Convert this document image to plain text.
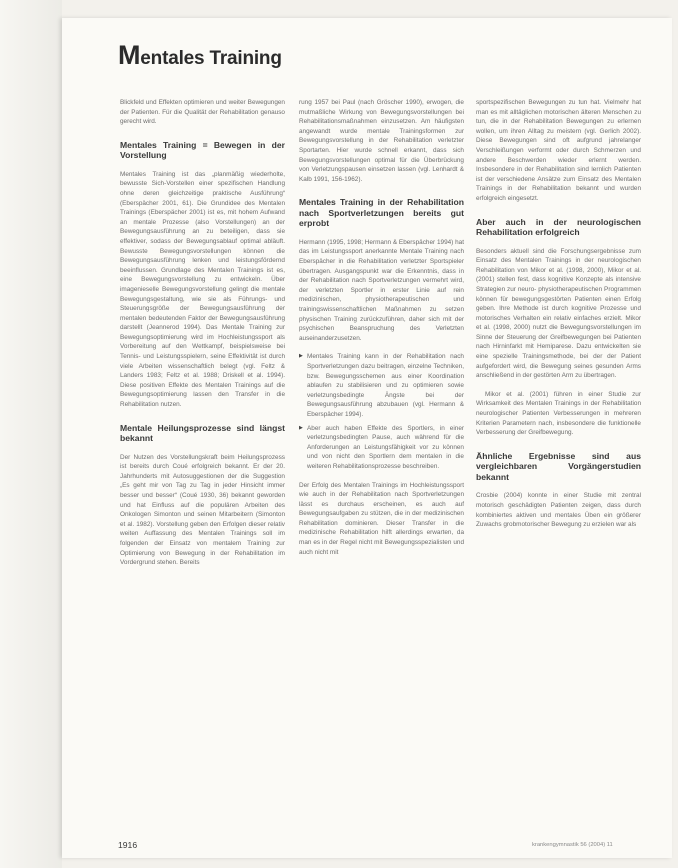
Mentales Training

Blickfeld und Effekten optimieren und weiter Bewegungen der Patienten. Für die Qualität der Rehabilitation genauso gerecht wird.

Mentales Training = Bewegen in der Vorstellung

Mentales Training ist das „planmäßig wiederholte, bewusste Sich-Vorstellen einer spezifischen Handlung ohne deren gleichzeitige praktische Ausführung“ (Eberspächer 2001, 61). Die Grundidee des Mentalen Trainings (Eberspächer 2001) ist es, mit hohem Aufwand an mentale Prozesse (also Vorstellungen) an der Bewegungsausführung an zu beteiligen, dass sie effektiver, sodass der Bewegungsablauf optimal abläuft. Bewusste Bewegungsvorstellungen können die Bewegungsausführung lenken und leistungsfördernd beeinflussen. Grundlage des Mentalen Trainings ist es, eine Bewegungsvorstellung zu entwickeln. Über imagenieselle Bewegungsvorstellung gelingt die mentale Bewegungsgestaltung, wie sie als Führungs- und Steuerungsgröße der Bewegungsausführung der mentalen bedeutenden Faktor der Bewegungsausführung darstellt (Jeannerod 1994). Das Mentale Training zur Bewegungsoptimierung wird im Hochleistungssport als Vorbereitung auf den Wettkampf, beispielsweise bei Tennis- und Leistungsspielern, seine Effektivität ist durch viele Arbeiten wissenschaftlich belegt (vgl. Feltz & Landers 1983; Feltz et al. 1988; Driskell et al. 1994). Diese positiven Effekte des Mentalen Trainings auf die Bewegungsoptimierung lassen den Transfer in die Rehabilitation nutzen.

Mentale Heilungsprozesse sind längst bekannt

Der Nutzen des Vorstellungskraft beim Heilungsprozess ist bereits durch Coué erfolgreich bekannt. Er der 20. Jahrhunderts mit Autosuggestionen der die Suggestion „Es geht mir von Tag zu Tag in jeder Hinsicht immer besser und besser“ (Coué 1930, 36) bekannt geworden und hat Einfluss auf die populären Arbeiten des Onkologen Simonton und seinen Mitarbeitern (Simonton et al. 1982). Vorstellung geben den Erfolgen dieser relativ weiten Auffassung des Mentalen Trainings soll im folgenden der Einsatz von mentalem Training zur Optimierung von Bewegung in der Rehabilitation im Vordergrund stehen. Bereits

rung 1957 bei Paul (nach Gröscher 1990), erwogen, die mutmaßliche Wirkung von Bewegungsvorstellungen bei Rehabilitationsmaßnahmen einzusetzen. Am häufigsten angewandt wurde mentale Trainingsformen zur Bewegungsvorstellung in der Rehabilitation verletzter Sportarten. Hier wurde schnell erkannt, dass sich Bewegungsvorstellungen optimal für die Überbrückung von Verletzungspausen einsetzen lassen (vgl. Lenhardt & Kalb 1991, 156-1962).

Mentales Training in der Rehabilitation nach Sportverletzungen bereits gut erprobt

Hermann (1995, 1998; Hermann & Eberspächer 1994) hat das im Leistungssport anerkannte Mentale Training nach Eberspächer in die Rehabilitation verletzter Sportspieler übertragen. Ausgangspunkt war die Erkenntnis, dass in der Rehabilitation nach Sportverletzungen vermehrt wird, der verletzten Sportler in erster Linie auf rein medizinischen, physiotherapeutischen und trainingswissenschaftlichen Maßnahmen zu setzen physischen Training zurückzuführen, daher sich mit der psychischen Beanspruchung des Verletzten auseinanderzusetzen.

▶ Mentales Training kann in der Rehabilitation nach Sportverletzungen dazu beitragen, einzelne Techniken, bzw. Bewegungsschemen aus einer Koordination ablaufen zu stabilisieren und zu optimieren sowie verletzungsbedingte Ängste bei der Bewegungsausführung abzubauen (vgl. Hermann & Eberspächer 1994).
▶ Aber auch haben Effekte des Sportlers, in einer verletzungsbedingten Pause, auch während für die Anforderungen an Leistungsfähigkeit vor zu können und von nicht den Sportlern dem mentalen in die weiteren Rehabilitationsprozesse beschreiben.

Der Erfolg des Mentalen Trainings im Hochleistungssport wie auch in der Rehabilitation nach Sportverletzungen lässt es durchaus erscheinen, es auch auf Bewegungsaufgaben zu stützen, die in der medizinischen Rehabilitation dominieren. Dieser Transfer in die medizinische Rehabilitation hilft allerdings erwarten, da man es in der Regel nicht mit Bewegungsspezialisten und auch nicht mit

sportspezifischen Bewegungen zu tun hat. Vielmehr hat man es mit alltäglichen motorischen älteren Menschen zu tun, die in der Rehabilitation Bewegungen zu erlernen wollen, um ihren Alltag zu meistern (vgl. Gerlich 2002). Diese Bewegungen sind oft aufgrund jahrelanger Verschleißungen verformt oder durch Schmerzen und andere Beschwerden wieder erlernt werden. Insbesondere in der Rehabilitation sind lernlich Patienten ist der verschiedene Ansätze zum Einsatz des Mentalen Trainings in der Rehabilitation bekannt und wurden erfolgreich eingesetzt.

Aber auch in der neurologischen Rehabilitation erfolgreich

Besonders aktuell sind die Forschungsergebnisse zum Einsatz des Mentalen Trainings in der neurologischen Rehabilitation von Mikor et al. (1998, 2000), Mikor et al. (2001) stellen fest, dass kognitive Konzepte als intensive Strategien zur neuro- physiotherapeutischen Programmen können für bewegungsgestörten Patienten einen Erfolg geben. Ihre Methode ist durch kognitive Prozesse und motorisches Verhalten ein relativ einfaches erzielt. Mikor et al. (1998, 2000) nutzt die Bewegungsvorstellungen im Sinne der Steuerung der Greifbewegungen bei Patienten nach Hirninfarkt mit Hemiparese. Dazu entwickelten sie eine spezielle Trainingsmethode, bei der der Patient aufgefordert wird, die Bewegung seines gesunden Arms anschließend in der gestörten Arm zu übertragen.

Mikor et al. (2001) führen in einer Studie zur Wirksamkeit des Mentalen Trainings in der Rehabilitation neurologischer Patienten Verbesserungen in mehreren Kriterien Parametern nach, insbesondere die funktionelle Verbesserung der Greifbewegung.

Ähnliche Ergebnisse sind aus vergleichbaren Vorgängerstudien bekannt

Crosbie (2004) konnte in einer Studie mit zentral motorisch geschädigten Patienten zeigen, dass durch kombiniertes aktiven und mentales Üben ein größerer Zuwachs grobmotorischer Bewegung zu erzielen war als

1916	krankengymnastik 56 (2004) 11
